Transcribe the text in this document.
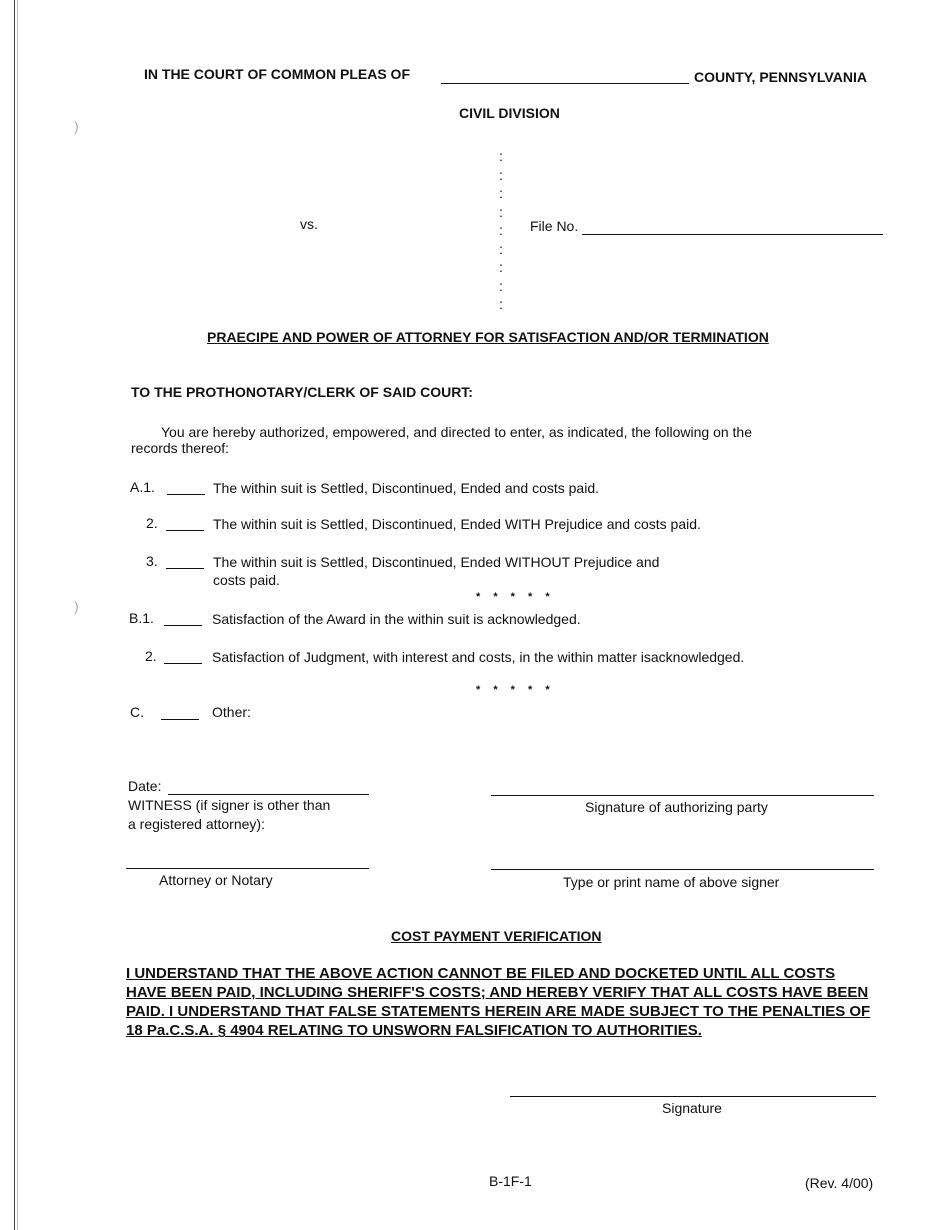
)
)
IN THE COURT OF COMMON PLEAS OF	COUNTY, PENNSYLVANIA
CIVIL DIVISION
:
:
:
:
:
:
:
:
:
vs.	File No.
PRAECIPE AND POWER OF ATTORNEY FOR SATISFACTION AND/OR TERMINATION
TO THE PROTHONOTARY/CLERK OF SAID COURT:
You are hereby authorized, empowered, and directed to enter, as indicated, the following on the
records thereof:
A.1.	The within suit is Settled, Discontinued, Ended and costs paid.
2.	The within suit is Settled, Discontinued, Ended WITH Prejudice and costs paid.
3.	The within suit is Settled, Discontinued, Ended WITHOUT Prejudice and
costs paid.
* * * * *
B.1.	Satisfaction of the Award in the within suit is acknowledged.
2.	Satisfaction of Judgment, with interest and costs, in the within matter isacknowledged.
* * * * *
C.	Other:
Date:
WITNESS (if signer is other than
a registered attorney):
Signature of authorizing party
Attorney or Notary	Type or print name of above signer
COST PAYMENT VERIFICATION
I UNDERSTAND THAT THE ABOVE ACTION CANNOT BE FILED AND DOCKETED UNTIL ALL COSTS
HAVE BEEN PAID, INCLUDING SHERIFF'S COSTS; AND HEREBY VERIFY THAT ALL COSTS HAVE BEEN
PAID. I UNDERSTAND THAT FALSE STATEMENTS HEREIN ARE MADE SUBJECT TO THE PENALTIES OF
18 Pa.C.S.A. § 4904 RELATING TO UNSWORN FALSIFICATION TO AUTHORITIES.
Signature
B-1F-1	(Rev. 4/00)
